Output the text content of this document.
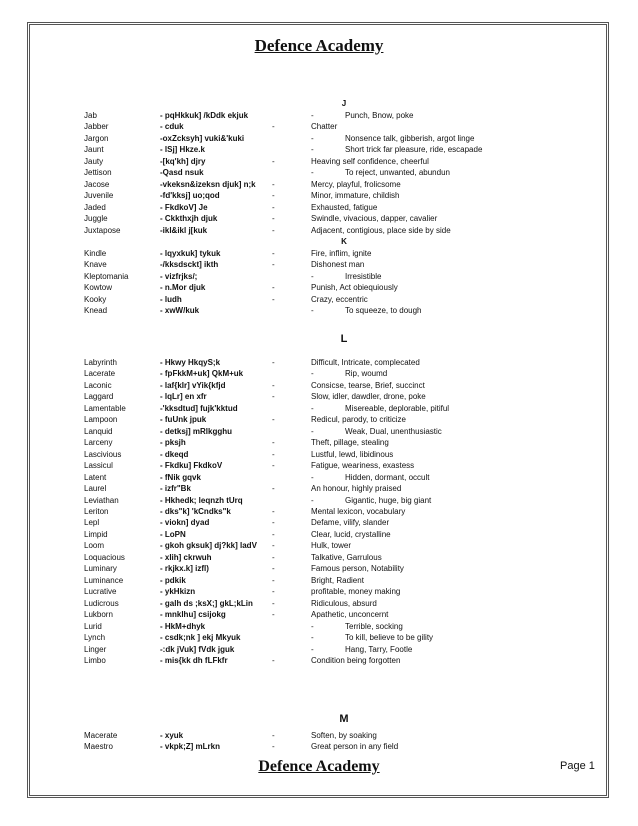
Defence Academy
J
Jab	- pqHkkuk] /kDdk ekjuk	-	Punch, Bnow, poke
Jabber	- cduk	-	Chatter
Jargon	-oxZcksyh] vuki&'kuki	-	Nonsence talk, gibberish, argot linge
Jaunt	- lSj] Hkze.k	-	Short trick far pleasure, ride, escapade
Jauty	-[kq'kh] djry	-	Heaving self confidence, cheerful
Jettison	-Qasd nsuk	-	To reject, unwanted, abundun
Jacose	-vkeksn&izeksn djuk] n;k -	Mercy, playful, frolicsome
Juvenile	-fd'kksj] uo;qod	-	Minor, immature, childish
Jaded	- FkdkoV] Je	-	Exhausted, fatigue
Juggle	- Ckkthxjh djuk	-	Swindle, vivacious, dapper, cavalier
Juxtapose	-ikl&ikl j[kuk	-	Adjacent, contigious, place side by side
K
Kindle	- lqyxkuk] tykuk	-	Fire, inflim, ignite
Knave	-/kksdsckt] ikth	-	Dishonest man
Kleptomania	- vizfrjks/;	-	Irresistible
Kowtow	- n.Mor djuk	-	Punish, Act obiequiously
Kooky	- ludh	-	Crazy, eccentric
Knead	- xwW/kuk	-	To squeeze, to dough
L
Labyrinth	- Hkwy HkqyS;k	-	Difficult, Intricate, complecated
Lacerate	- fpFkkM+uk] QkM+uk	-	Rip, woumd
Laconic	- laf{kIr] vYik{kfjd	-	Consicse, tearse, Brief, succinct
Laggard	- lqLr] en xfr	-	Slow, idler, dawdler, drone, poke
Lamentable	-'kksdtud] fujk'kktud	-	Misereable, deplorable, pitiful
Lampoon	- fuUnk jpuk	-	Redicul, parody, to criticize
Lanquid	- detksj] mRlkgghu	-	Weak, Dual, unenthusiastic
Larceny	- pksjh	-	Theft, pillage, stealing
Lascivious	- dkeqd	-	Lustful, lewd, libidinous
Lassicul	- Fkdku] FkdkoV	-	Fatigue, weariness, exastess
Latent	- fNik gqvk	-	Hidden, dormant, occult
Laurel	- izfr"Bk	-	An honour, highly praised
Leviathan	- Hkhedk; leqnzh tUrq	-	Gigantic, huge, big giant
Leriton	- dks"k] 'kCndks"k	-	Mental lexicon, vocabulary
Lepl	- viokn] dyad	-	Defame, vilify, slander
Limpid	- LoPN	-	Clear, lucid, crystalline
Loom	- gkoh gksuk] dj?kk] ladV -	Hulk, tower
Loquacious	- xIih] ckrwuh	-	Talkative, Garrulous
Luminary	- rkjkx.k] izfl)	-	Famous person, Notability
Luminance	- pdkik	-	Bright, Radient
Lucrative	- ykHkizn	-	profitable, money making
Ludicrous	- galh ds ;ksX;] gkL;kLin -	Ridiculous, absurd
Lukborn	- mnklhu] csijokg	-	Apathetic, unconcernt
Lurid	- HkM+dhyk	-	Terrible, socking
Lynch	- csdk;nk ] ekj Mkyuk	-	To kill, believe to be gility
Linger	-:dk jVuk] fVdk jguk	-	Hang, Tarry, Footle
Limbo	- mis{kk dh fLFkfr	-	Condition being forgotten
M
Macerate	- xyuk	-	Soften, by soaking
Maestro	- vkpk;Z] mLrkn	-	Great person in any field
Defence Academy	Page 1
